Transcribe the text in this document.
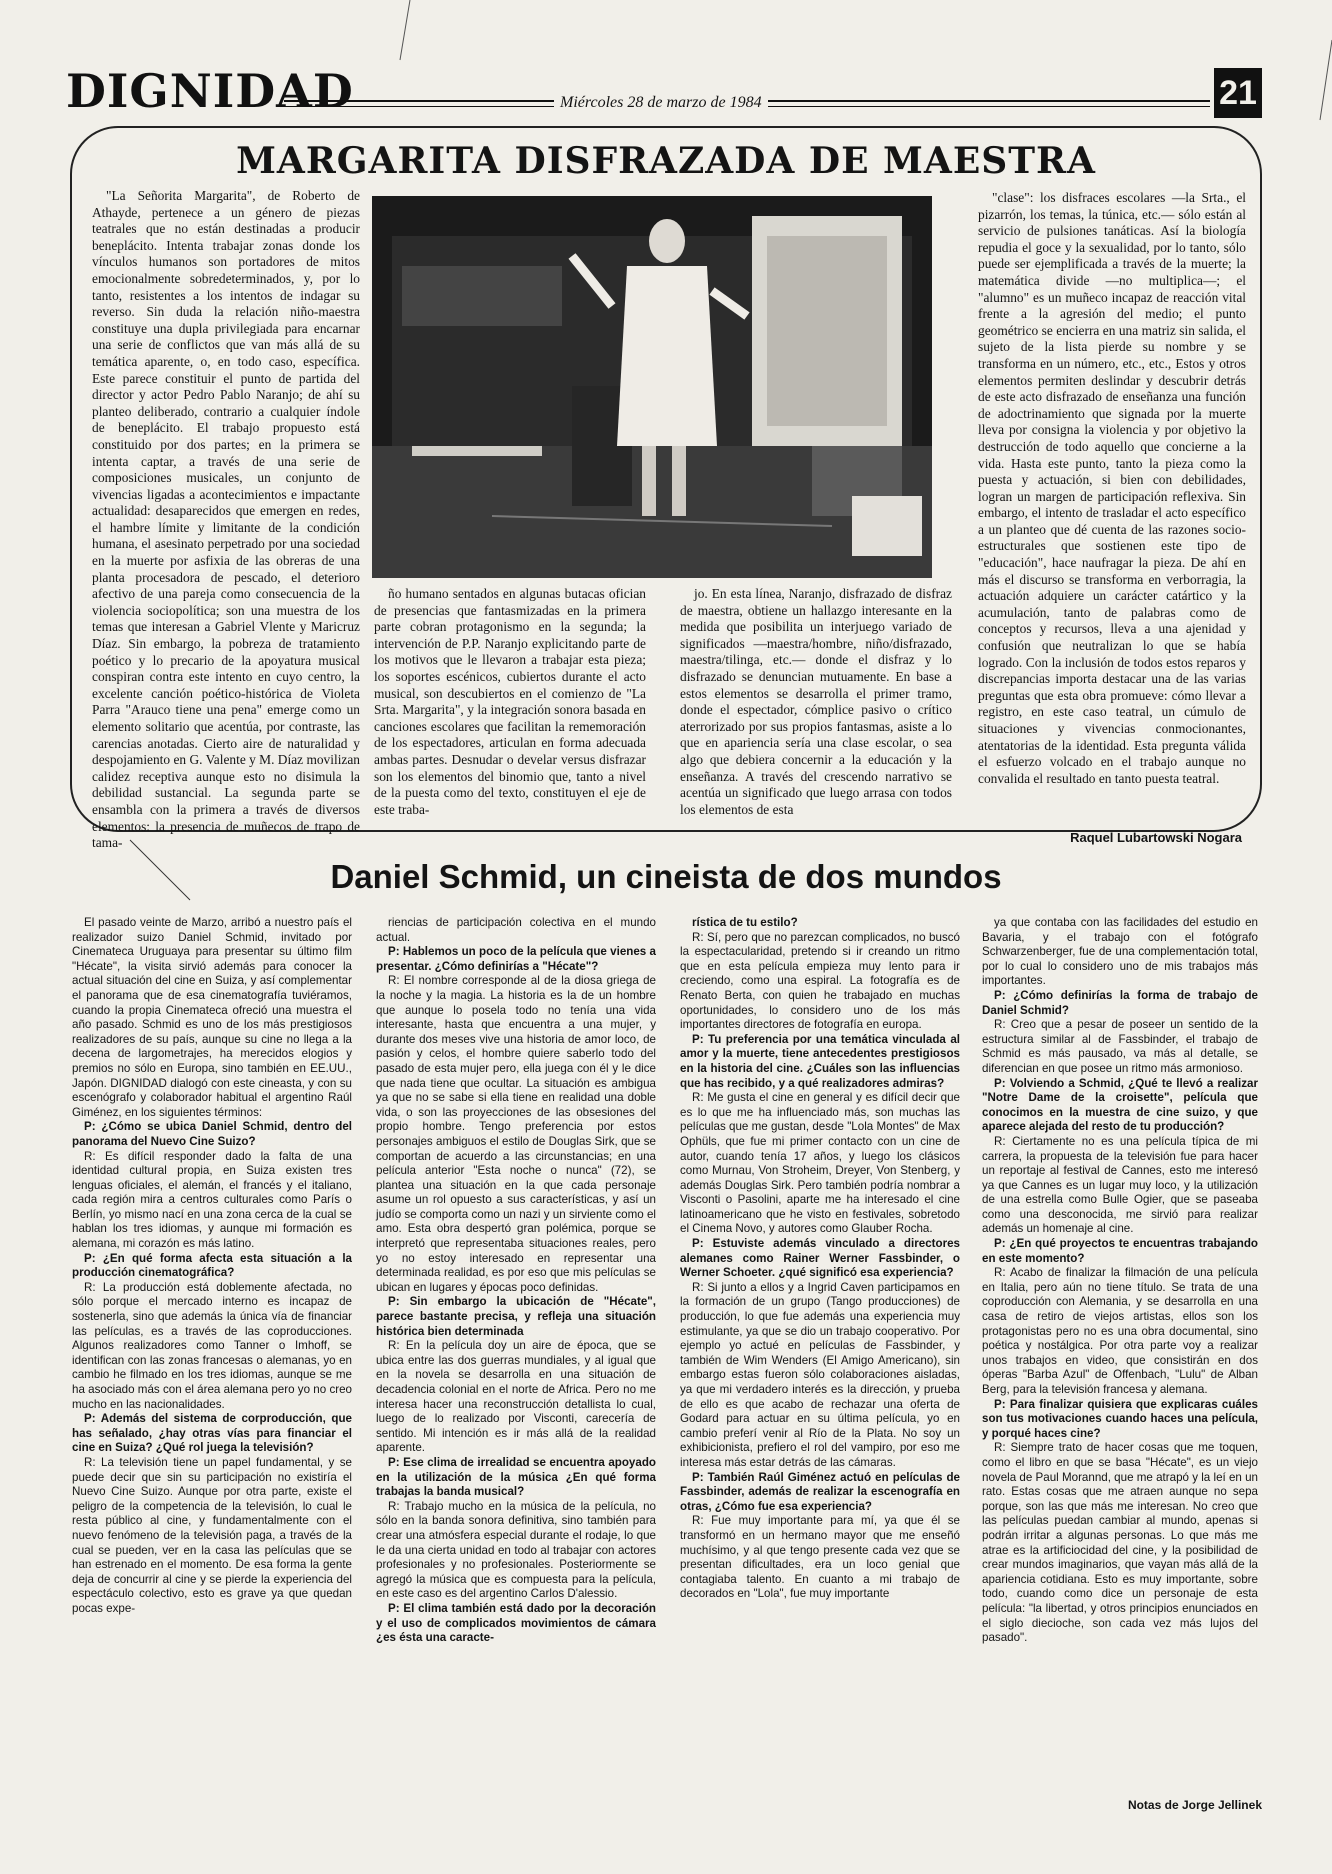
DIGNIDAD	Miércoles 28 de marzo de 1984	21
MARGARITA DISFRAZADA DE MAESTRA

"La Señorita Margarita", de Roberto de Athayde, pertenece a un género de piezas teatrales que no están destinadas a producir beneplácito. Intenta trabajar zonas donde los vínculos humanos son portadores de mitos emocionalmente sobredeterminados, y, por lo tanto, resistentes a los intentos de indagar su reverso. Sin duda la relación niño-maestra constituye una dupla privilegiada para encarnar una serie de conflictos que van más allá de su temática aparente, o, en todo caso, específica. Este parece constituir el punto de partida del director y actor Pedro Pablo Naranjo; de ahí su planteo deliberado, contrario a cualquier índole de beneplácito. El trabajo propuesto está constituido por dos partes; en la primera se intenta captar, a través de una serie de composiciones musicales, un conjunto de vivencias ligadas a acontecimientos e impactante actualidad: desaparecidos que emergen en redes, el hambre límite y limitante de la condición humana, el asesinato perpetrado por una sociedad en la muerte por asfixia de las obreras de una planta procesadora de pescado, el deterioro afectivo de una pareja como consecuencia de la violencia sociopolítica; son una muestra de los temas que interesan a Gabriel Vlente y Maricruz Díaz. Sin embargo, la pobreza de tratamiento poético y lo precario de la apoyatura musical conspiran contra este intento en cuyo centro, la excelente canción poético-histórica de Violeta Parra "Arauco tiene una pena" emerge como un elemento solitario que acentúa, por contraste, las carencias anotadas. Cierto aire de naturalidad y despojamiento en G. Valente y M. Díaz movilizan calidez receptiva aunque esto no disimula la debilidad sustancial. La segunda parte se ensambla con la primera a través de diversos elementos: la presencia de muñecos de trapo de tama-

ño humano sentados en algunas butacas ofician de presencias que fantasmizadas en la primera parte cobran protagonismo en la segunda; la intervención de P.P. Naranjo explicitando parte de los motivos que le llevaron a trabajar esta pieza; los soportes escénicos, cubiertos durante el acto musical, son descubiertos en el comienzo de "La Srta. Margarita", y la integración sonora basada en canciones escolares que facilitan la rememoración de los espectadores, articulan en forma adecuada ambas partes. Desnudar o develar versus disfrazar son los elementos del binomio que, tanto a nivel de la puesta como del texto, constituyen el eje de este traba-

jo. En esta línea, Naranjo, disfrazado de disfraz de maestra, obtiene un hallazgo interesante en la medida que posibilita un interjuego variado de significados —maestra/hombre, niño/disfrazado, maestra/tilinga, etc.— donde el disfraz y lo disfrazado se denuncian mutuamente. En base a estos elementos se desarrolla el primer tramo, donde el espectador, cómplice pasivo o crítico aterrorizado por sus propios fantasmas, asiste a lo que en apariencia sería una clase escolar, o sea algo que debiera concernir a la educación y la enseñanza. A través del crescendo narrativo se acentúa un significado que luego arrasa con todos los elementos de esta

"clase": los disfraces escolares —la Srta., el pizarrón, los temas, la túnica, etc.— sólo están al servicio de pulsiones tanáticas. Así la biología repudia el goce y la sexualidad, por lo tanto, sólo puede ser ejemplificada a través de la muerte; la matemática divide —no multiplica—; el "alumno" es un muñeco incapaz de reacción vital frente a la agresión del medio; el punto geométrico se encierra en una matriz sin salida, el sujeto de la lista pierde su nombre y se transforma en un número, etc., etc., Estos y otros elementos permiten deslindar y descubrir detrás de este acto disfrazado de enseñanza una función de adoctrinamiento que signada por la muerte lleva por consigna la violencia y por objetivo la destrucción de todo aquello que concierne a la vida. Hasta este punto, tanto la pieza como la puesta y actuación, si bien con debilidades, logran un margen de participación reflexiva. Sin embargo, el intento de trasladar el acto específico a un planteo que dé cuenta de las razones socio-estructurales que sostienen este tipo de "educación", hace naufragar la pieza. De ahí en más el discurso se transforma en verborragia, la actuación adquiere un carácter catártico y la acumulación, tanto de palabras como de conceptos y recursos, lleva a una ajenidad y confusión que neutralizan lo que se había logrado. Con la inclusión de todos estos reparos y discrepancias importa destacar una de las varias preguntas que esta obra promueve: cómo llevar a registro, en este caso teatral, un cúmulo de situaciones y vivencias conmocionantes, atentatorias de la identidad. Esta pregunta válida el esfuerzo volcado en el trabajo aunque no convalida el resultado en tanto puesta teatral.

Raquel Lubartowski Nogara
Daniel Schmid, un cineista de dos mundos

El pasado veinte de Marzo, arribó a nuestro país el realizador suizo Daniel Schmid, invitado por Cinemateca Uruguaya para presentar su último film "Hécate", la visita sirvió además para conocer la actual situación del cine en Suiza, y así complementar el panorama que de esa cinematografía tuviéramos, cuando la propia Cinemateca ofreció una muestra el año pasado. Schmid es uno de los más prestigiosos realizadores de su país, aunque su cine no llega a la decena de largometrajes, ha merecidos elogios y premios no sólo en Europa, sino también en EE.UU., Japón. DIGNIDAD dialogó con este cineasta, y con su escenógrafo y colaborador habitual el argentino Raúl Giménez, en los siguientes términos:

P: ¿Cómo se ubica Daniel Schmid, dentro del panorama del Nuevo Cine Suizo?

R: Es difícil responder dado la falta de una identidad cultural propia, en Suiza existen tres lenguas oficiales, el alemán, el francés y el italiano, cada región mira a centros culturales como París o Berlín, yo mismo nací en una zona cerca de la cual se hablan los tres idiomas, y aunque mi formación es alemana, mi corazón es más latino.

P: ¿En qué forma afecta esta situación a la producción cinematográfica?

R: La producción está doblemente afectada, no sólo porque el mercado interno es incapaz de sostenerla, sino que además la única vía de financiar las películas, es a través de las coproducciones. Algunos realizadores como Tanner o Imhoff, se identifican con las zonas francesas o alemanas, yo en cambio he filmado en los tres idiomas, aunque se me ha asociado más con el área alemana pero yo no creo mucho en las nacionalidades.

P: Además del sistema de corproducción, que has señalado, ¿hay otras vías para financiar el cine en Suiza? ¿Qué rol juega la televisión?

R: La televisión tiene un papel fundamental, y se puede decir que sin su participación no existiría el Nuevo Cine Suizo. Aunque por otra parte, existe el peligro de la competencia de la televisión, lo cual le resta público al cine, y fundamentalmente con el nuevo fenómeno de la televisión paga, a través de la cual se pueden, ver en la casa las películas que se han estrenado en el momento. De esa forma la gente deja de concurrir al cine y se pierde la experiencia del espectáculo colectivo, esto es grave ya que quedan pocas expe-

riencias de participación colectiva en el mundo actual.

P: Hablemos un poco de la película que vienes a presentar. ¿Cómo definirías a "Hécate"?

R: El nombre corresponde al de la diosa griega de la noche y la magia. La historia es la de un hombre que aunque lo posela todo no tenía una vida interesante, hasta que encuentra a una mujer, y durante dos meses vive una historia de amor loco, de pasión y celos, el hombre quiere saberlo todo del pasado de esta mujer pero, ella juega con él y le dice que nada tiene que ocultar. La situación es ambigua ya que no se sabe si ella tiene en realidad una doble vida, o son las proyecciones de las obsesiones del propio hombre. Tengo preferencia por estos personajes ambiguos el estilo de Douglas Sirk, que se comportan de acuerdo a las circunstancias; en una película anterior "Esta noche o nunca" (72), se plantea una situación en la que cada personaje asume un rol opuesto a sus características, y así un judío se comporta como un nazi y un sirviente como el amo. Esta obra despertó gran polémica, porque se interpretó que representaba situaciones reales, pero yo no estoy interesado en representar una determinada realidad, es por eso que mis películas se ubican en lugares y épocas poco definidas.

P: Sin embargo la ubicación de "Hécate", parece bastante precisa, y refleja una situación histórica bien determinada

R: En la película doy un aire de época, que se ubica entre las dos guerras mundiales, y al igual que en la novela se desarrolla en una situación de decadencia colonial en el norte de Africa. Pero no me interesa hacer una reconstrucción detallista lo cual, luego de lo realizado por Visconti, carecería de sentido. Mi intención es ir más allá de la realidad aparente.

P: Ese clima de irrealidad se encuentra apoyado en la utilización de la música ¿En qué forma trabajas la banda musical?

R: Trabajo mucho en la música de la película, no sólo en la banda sonora definitiva, sino también para crear una atmósfera especial durante el rodaje, lo que le da una cierta unidad en todo al trabajar con actores profesionales y no profesionales. Posteriormente se agregó la música que es compuesta para la película, en este caso es del argentino Carlos D'alessio.

P: El clima también está dado por la decoración y el uso de complicados movimientos de cámara ¿es ésta una caracte-

rística de tu estilo?

R: Sí, pero que no parezcan complicados, no buscó la espectacularidad, pretendo si ir creando un ritmo que en esta película empieza muy lento para ir creciendo, como una espiral. La fotografía es de Renato Berta, con quien he trabajado en muchas oportunidades, lo considero uno de los más importantes directores de fotografía en europa.

P: Tu preferencia por una temática vinculada al amor y la muerte, tiene antecedentes prestigiosos en la historia del cine. ¿Cuáles son las influencias que has recibido, y a qué realizadores admiras?

R: Me gusta el cine en general y es difícil decir que es lo que me ha influenciado más, son muchas las películas que me gustan, desde "Lola Montes" de Max Ophüls, que fue mi primer contacto con un cine de autor, cuando tenía 17 años, y luego los clásicos como Murnau, Von Stroheim, Dreyer, Von Stenberg, y además Douglas Sirk. Pero también podría nombrar a Visconti o Pasolini, aparte me ha interesado el cine latinoamericano que he visto en festivales, sobretodo el Cinema Novo, y autores como Glauber Rocha.

P: Estuviste además vinculado a directores alemanes como Rainer Werner Fassbinder, o Werner Schoeter. ¿qué significó esa experiencia?

R: Si junto a ellos y a Ingrid Caven participamos en la formación de un grupo (Tango producciones) de producción, lo que fue además una experiencia muy estimulante, ya que se dio un trabajo cooperativo. Por ejemplo yo actué en películas de Fassbinder, y también de Wim Wenders (El Amigo Americano), sin embargo estas fueron sólo colaboraciones aisladas, ya que mi verdadero interés es la dirección, y prueba de ello es que acabo de rechazar una oferta de Godard para actuar en su última película, yo en cambio preferí venir al Río de la Plata. No soy un exhibicionista, prefiero el rol del vampiro, por eso me interesa más estar detrás de las cámaras.

P: También Raúl Giménez actuó en películas de Fassbinder, además de realizar la escenografía en otras, ¿Cómo fue esa experiencia?

R: Fue muy importante para mí, ya que él se transformó en un hermano mayor que me enseñó muchísimo, y al que tengo presente cada vez que se presentan dificultades, era un loco genial que contagiaba talento. En cuanto a mi trabajo de decorados en "Lola", fue muy importante

ya que contaba con las facilidades del estudio en Bavaria, y el trabajo con el fotógrafo Schwarzenberger, fue de una complementación total, por lo cual lo considero uno de mis trabajos más importantes.

P: ¿Cómo definirías la forma de trabajo de Daniel Schmid?

R: Creo que a pesar de poseer un sentido de la estructura similar al de Fassbinder, el trabajo de Schmid es más pausado, va más al detalle, se diferencian en que posee un ritmo más armonioso.

P: Volviendo a Schmid, ¿Qué te llevó a realizar "Notre Dame de la croisette", película que conocimos en la muestra de cine suizo, y que aparece alejada del resto de tu producción?

R: Ciertamente no es una película típica de mi carrera, la propuesta de la televisión fue para hacer un reportaje al festival de Cannes, esto me interesó ya que Cannes es un lugar muy loco, y la utilización de una estrella como Bulle Ogier, que se paseaba como una desconocida, me sirvió para realizar además un homenaje al cine.

P: ¿En qué proyectos te encuentras trabajando en este momento?

R: Acabo de finalizar la filmación de una película en Italia, pero aún no tiene título. Se trata de una coproducción con Alemania, y se desarrolla en una casa de retiro de viejos artistas, ellos son los protagonistas pero no es una obra documental, sino poética y nostálgica. Por otra parte voy a realizar unos trabajos en video, que consistirán en dos óperas "Barba Azul" de Offenbach, "Lulu" de Alban Berg, para la televisión francesa y alemana.

P: Para finalizar quisiera que explicaras cuáles son tus motivaciones cuando haces una película, y porqué haces cine?

R: Siempre trato de hacer cosas que me toquen, como el libro en que se basa "Hécate", es un viejo novela de Paul Morannd, que me atrapó y la leí en un rato. Estas cosas que me atraen aunque no sepa porque, son las que más me interesan. No creo que las películas puedan cambiar al mundo, apenas si podrán irritar a algunas personas. Lo que más me atrae es la artificiocidad del cine, y la posibilidad de crear mundos imaginarios, que vayan más allá de la apariencia cotidiana. Esto es muy importante, sobre todo, cuando como dice un personaje de esta película: "la libertad, y otros principios enunciados en el siglo diecioche, son cada vez más lujos del pasado".

Notas de Jorge Jellinek
